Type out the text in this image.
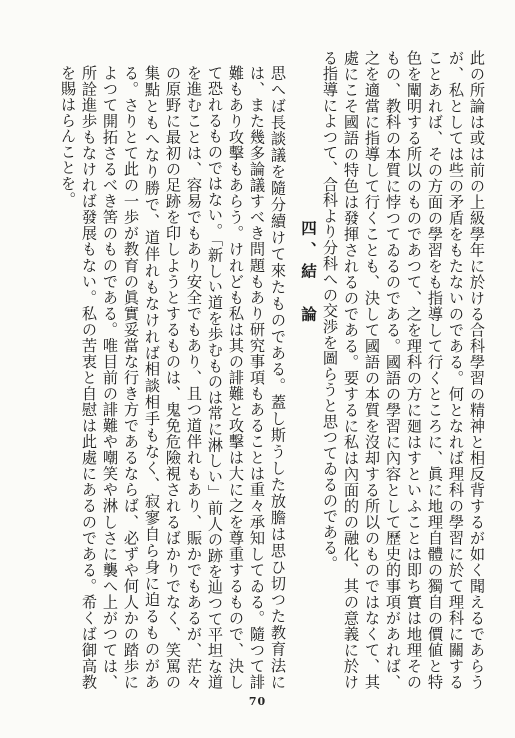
此の所論は或は前の上級學年に於ける合科學習の精神と相反背するが如く聞えるであらうが、私としては些の矛盾をもたないのである。何となれば理科の學習に於て理科に關することあれば、その方面の學習をも指導して行くところに、眞に地理自體の獨自の價値と特色を闡明する所以のものであつて、之を理科の方に廻はすといふことは即ち實は地理そのもの、教科の本質に悖つてゐるのである。國語の學習に內容として歷史的事項があれば、之を適當に指導して行くことも、決して國語の本質を沒却する所以のものではなくて、其處にこそ國語の特色は發揮されるのである。要するに私は內面的の融化、其の意義に於ける指導によつて、合科より分科への交渉を圖らうと思つてゐるのである。

四、結　論

思へば長談議を隨分續けて來たものである。蓋し斯うした放膽は思ひ切つた教育法には、また幾多論議すべき問題もあり研究事項もあることは重々承知してゐる。隨つて誹難もあり攻擊もあらう。けれども私は其の誹難と攻擊は大に之を尊重するもので、決して恐れるものではない。「新しい道を歩むものは常に淋しい」前人の跡を辿つて平坦な道を進むことは、容易でもあり安全でもあり、且つ道伴れもあり、賑かでもあるが、茫々の原野に最初の足跡を印しようとするものは、鬼免危險視されるばかりでなく、笑罵の集點ともへなり勝で、道伴れもなければ相談相手もなく、寂寥自ら身に迫るものがある。さりとて此の一歩が教育の眞實妥當な行き方であるならば、必ずや何人かの踏歩によつて開拓さるべき筈のものである。唯目前の誹難や嘲笑や淋しさに襲へ上がつては、所詮進歩もなければ發展もない。私の苦衷と自慰は此處にあるのである。希くば御高教を賜はらんことを。

70
